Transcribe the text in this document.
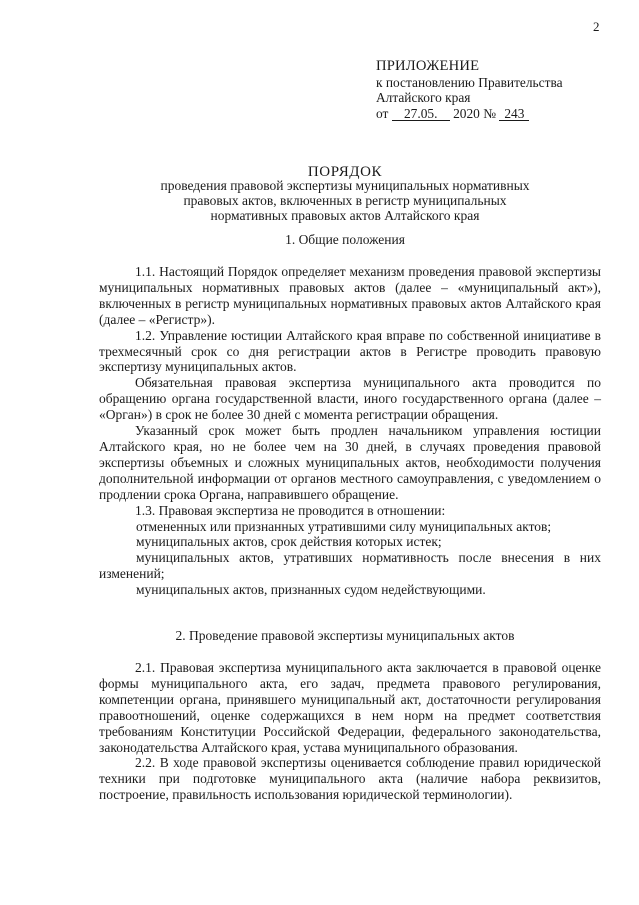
2
ПРИЛОЖЕНИЕ
к постановлению Правительства
Алтайского края
от 27.05. 2020 № 243
ПОРЯДОК
проведения правовой экспертизы муниципальных нормативных
правовых актов, включенных в регистр муниципальных
нормативных правовых актов Алтайского края
1. Общие положения

1.1. Настоящий Порядок определяет механизм проведения правовой экспертизы муниципальных нормативных правовых актов (далее – «муниципальный акт»), включенных в регистр муниципальных нормативных правовых актов Алтайского края (далее – «Регистр»).

1.2. Управление юстиции Алтайского края вправе по собственной инициативе в трехмесячный срок со дня регистрации актов в Регистре проводить правовую экспертизу муниципальных актов.

Обязательная правовая экспертиза муниципального акта проводится по обращению органа государственной власти, иного государственного органа (далее – «Орган») в срок не более 30 дней с момента регистрации обращения.

Указанный срок может быть продлен начальником управления юстиции Алтайского края, но не более чем на 30 дней, в случаях проведения правовой экспертизы объемных и сложных муниципальных актов, необходимости получения дополнительной информации от органов местного самоуправления, с уведомлением о продлении срока Органа, направившего обращение.

1.3. Правовая экспертиза не проводится в отношении:

отмененных или признанных утратившими силу муниципальных актов;

муниципальных актов, срок действия которых истек;

муниципальных актов, утративших нормативность после внесения в них изменений;

муниципальных актов, признанных судом недействующими.

2. Проведение правовой экспертизы муниципальных актов

2.1. Правовая экспертиза муниципального акта заключается в правовой оценке формы муниципального акта, его задач, предмета правового регулирования, компетенции органа, принявшего муниципальный акт, достаточности регулирования правоотношений, оценке содержащихся в нем норм на предмет соответствия требованиям Конституции Российской Федерации, федерального законодательства, законодательства Алтайского края, устава муниципального образования.

2.2. В ходе правовой экспертизы оценивается соблюдение правил юридической техники при подготовке муниципального акта (наличие набора реквизитов, построение, правильность использования юридической терминологии).
